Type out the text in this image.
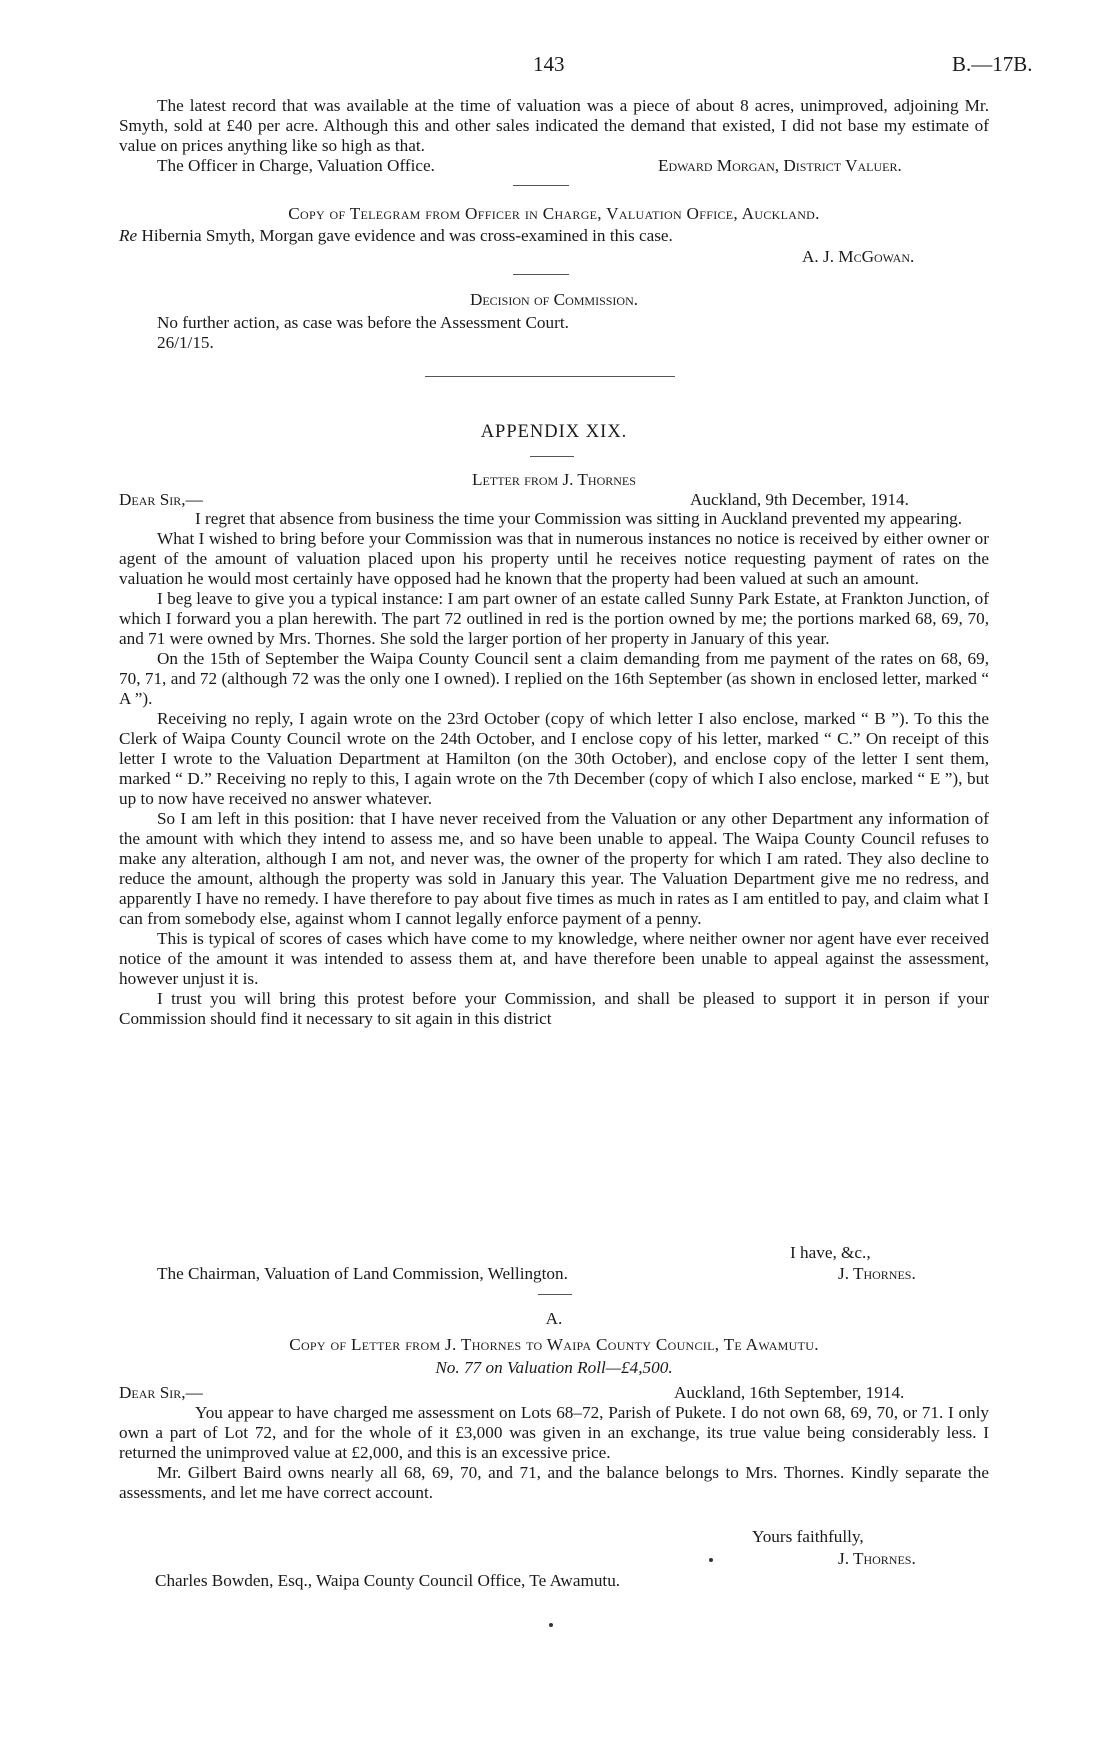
143	B.—17B.

The latest record that was available at the time of valuation was a piece of about 8 acres, unimproved, adjoining Mr. Smyth, sold at £40 per acre. Although this and other sales indicated the demand that existed, I did not base my estimate of value on prices anything like so high as that.

The Officer in Charge, Valuation Office.	Edward Morgan, District Valuer.
Copy of Telegram from Officer in Charge, Valuation Office, Auckland.
Re Hibernia Smyth, Morgan gave evidence and was cross-examined in this case.
A. J. McGowan.
Decision of Commission.
No further action, as case was before the Assessment Court.
26/1/15.
APPENDIX XIX.
Letter from J. Thornes
Dear Sir,—	Auckland, 9th December, 1914.

I regret that absence from business the time your Commission was sitting in Auckland prevented my appearing.

What I wished to bring before your Commission was that in numerous instances no notice is received by either owner or agent of the amount of valuation placed upon his property until he receives notice requesting payment of rates on the valuation he would most certainly have opposed had he known that the property had been valued at such an amount.

I beg leave to give you a typical instance: I am part owner of an estate called Sunny Park Estate, at Frankton Junction, of which I forward you a plan herewith. The part 72 outlined in red is the portion owned by me; the portions marked 68, 69, 70, and 71 were owned by Mrs. Thornes. She sold the larger portion of her property in January of this year.

On the 15th of September the Waipa County Council sent a claim demanding from me payment of the rates on 68, 69, 70, 71, and 72 (although 72 was the only one I owned). I replied on the 16th September (as shown in enclosed letter, marked “ A ”).

Receiving no reply, I again wrote on the 23rd October (copy of which letter I also enclose, marked “ B ”). To this the Clerk of Waipa County Council wrote on the 24th October, and I enclose copy of his letter, marked “ C.” On receipt of this letter I wrote to the Valuation Department at Hamilton (on the 30th October), and enclose copy of the letter I sent them, marked “ D.” Receiving no reply to this, I again wrote on the 7th December (copy of which I also enclose, marked “ E ”), but up to now have received no answer whatever.

So I am left in this position: that I have never received from the Valuation or any other Department any information of the amount with which they intend to assess me, and so have been unable to appeal. The Waipa County Council refuses to make any alteration, although I am not, and never was, the owner of the property for which I am rated. They also decline to reduce the amount, although the property was sold in January this year. The Valuation Department give me no redress, and apparently I have no remedy. I have therefore to pay about five times as much in rates as I am entitled to pay, and claim what I can from somebody else, against whom I cannot legally enforce payment of a penny.

This is typical of scores of cases which have come to my knowledge, where neither owner nor agent have ever received notice of the amount it was intended to assess them at, and have therefore been unable to appeal against the assessment, however unjust it is.

I trust you will bring this protest before your Commission, and shall be pleased to support it in person if your Commission should find it necessary to sit again in this district

I have, &c.,
The Chairman, Valuation of Land Commission, Wellington.	J. Thornes.
A.
Copy of Letter from J. Thornes to Waipa County Council, Te Awamutu.
No. 77 on Valuation Roll—£4,500.
Dear Sir,—	Auckland, 16th September, 1914.

You appear to have charged me assessment on Lots 68–72, Parish of Pukete. I do not own 68, 69, 70, or 71. I only own a part of Lot 72, and for the whole of it £3,000 was given in an exchange, its true value being considerably less. I returned the unimproved value at £2,000, and this is an excessive price.

Mr. Gilbert Baird owns nearly all 68, 69, 70, and 71, and the balance belongs to Mrs. Thornes. Kindly separate the assessments, and let me have correct account.

Yours faithfully,
J. Thornes.
Charles Bowden, Esq., Waipa County Council Office, Te Awamutu.
